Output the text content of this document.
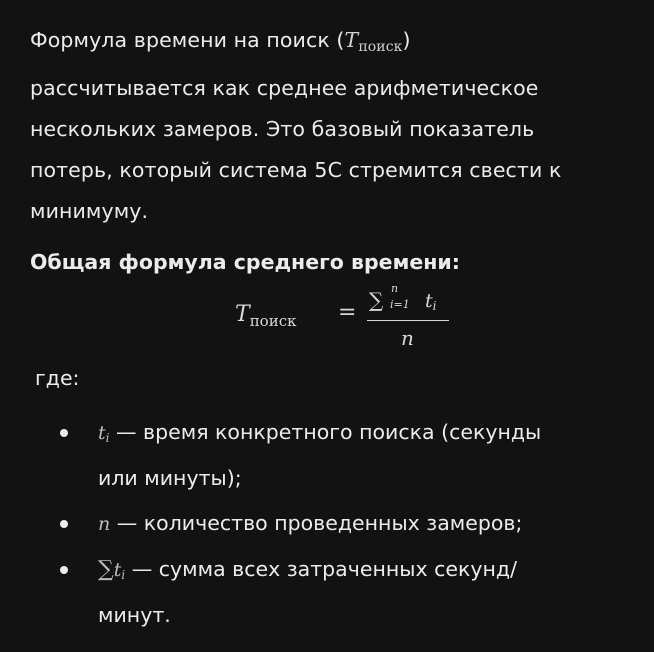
Формула времени на поиск $(T_{поиск})$
рассчитывается как среднее арифметическое
нескольких замеров. Это базовый показатель
потерь, который система 5С стремится свести к
минимуму.

Общая формула среднего времени:

$T_{поиск}$ = ∑ n
i=1 ti
n

где:

ti — время конкретного поиска (секунды
или минуты);
n — количество проведенных замеров;
∑ti — сумма всех затраченных секунд/
минут.
